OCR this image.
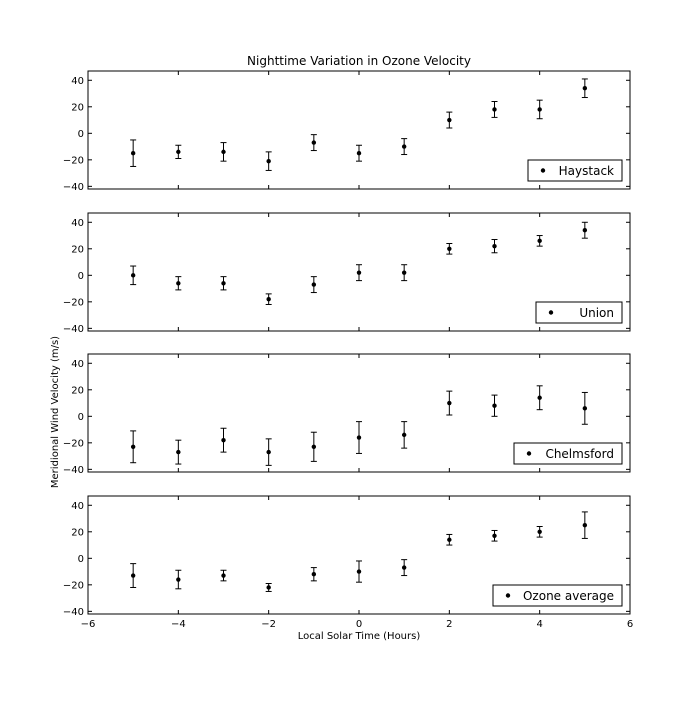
Nighttime Variation in Ozone Velocity
Local Solar Time (Hours)
Meridional Wind Velocity (m/s)
−40
−20
0
20
40
Haystack
−40
−20
0
20
40
Union
−40
−20
0
20
40
Chelmsford
−40
−20
0
20
40
−6	−4	−2	0	2	4	6
Ozone average
